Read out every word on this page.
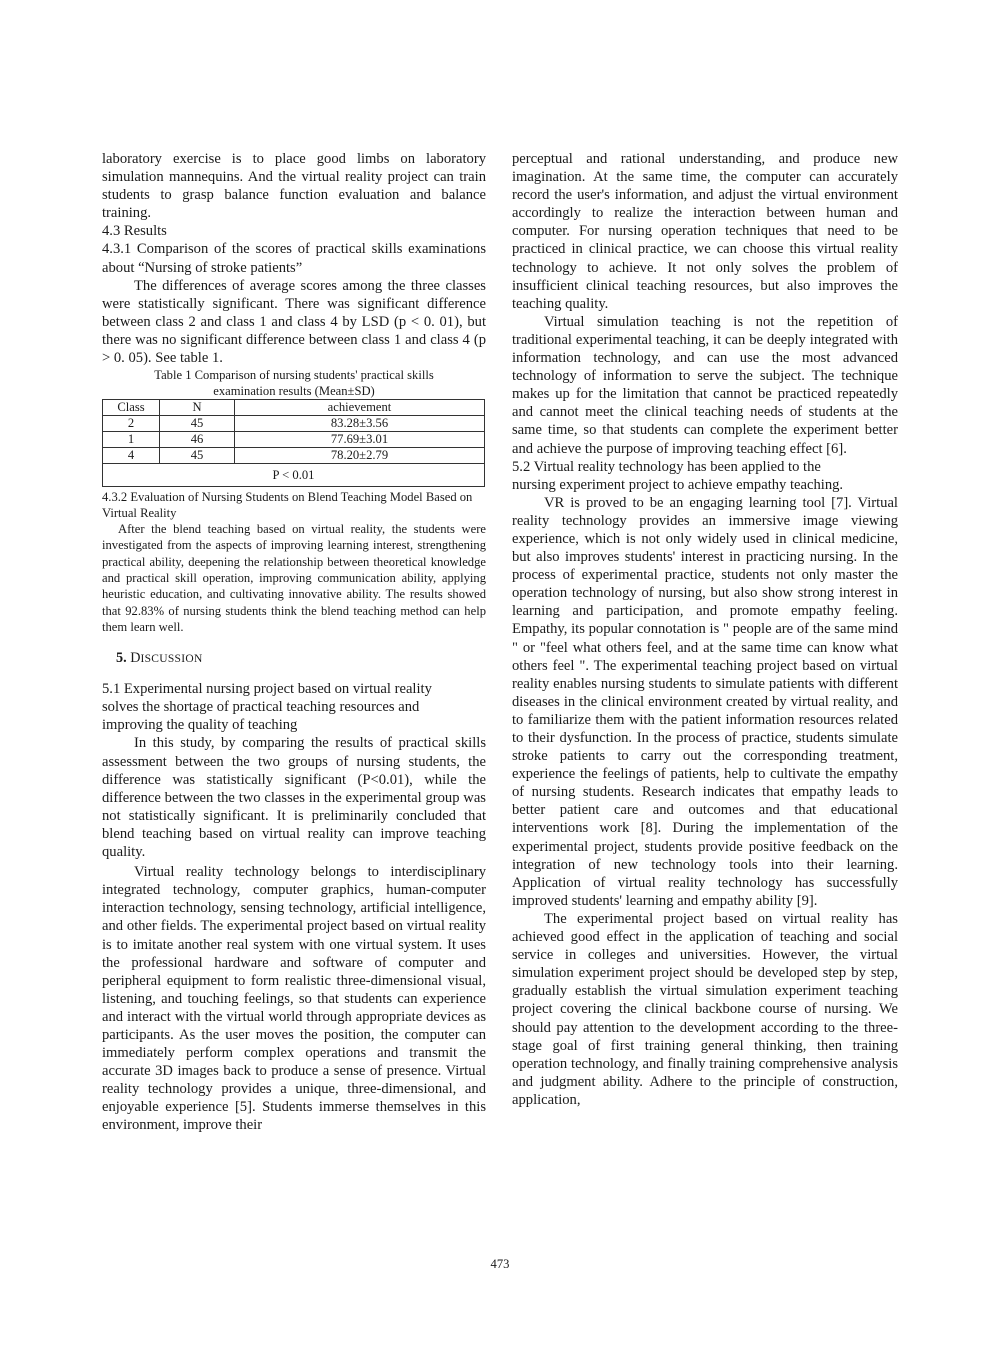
laboratory exercise is to place good limbs on laboratory simulation mannequins. And the virtual reality project can train students to grasp balance function evaluation and balance training.

4.3 Results

4.3.1 Comparison of the scores of practical skills examinations about “Nursing of stroke patients”

The differences of average scores among the three classes were statistically significant. There was significant difference between class 2 and class 1 and class 4 by LSD (p < 0. 01), but there was no significant difference between class 1 and class 4 (p > 0. 05). See table 1.

Table 1 Comparison of nursing students' practical skills
examination results (Mean±SD)
Class	N	achievement
2	45	83.28±3.56
1	46	77.69±3.01
4	45	78.20±2.79
P < 0.01		

4.3.2 Evaluation of Nursing Students on Blend Teaching Model Based on Virtual Reality

After the blend teaching based on virtual reality, the students were investigated from the aspects of improving learning interest, strengthening practical ability, deepening the relationship between theoretical knowledge and practical skill operation, improving communication ability, applying heuristic education, and cultivating innovative ability. The results showed that 92.83% of nursing students think the blend teaching method can help them learn well.

5. DISCUSSION

5.1 Experimental nursing project based on virtual reality solves the shortage of practical teaching resources and improving the quality of teaching

In this study, by comparing the results of practical skills assessment between the two groups of nursing students, the difference was statistically significant (P<0.01), while the difference between the two classes in the experimental group was not statistically significant. It is preliminarily concluded that blend teaching based on virtual reality can improve teaching quality.

Virtual reality technology belongs to interdisciplinary integrated technology, computer graphics, human-computer interaction technology, sensing technology, artificial intelligence, and other fields. The experimental project based on virtual reality is to imitate another real system with one virtual system. It uses the professional hardware and software of computer and peripheral equipment to form realistic three-dimensional visual, listening, and touching feelings, so that students can experience and interact with the virtual world through appropriate devices as participants. As the user moves the position, the computer can immediately perform complex operations and transmit the accurate 3D images back to produce a sense of presence. Virtual reality technology provides a unique, three-dimensional, and enjoyable experience [5]. Students immerse themselves in this environment, improve their

perceptual and rational understanding, and produce new imagination. At the same time, the computer can accurately record the user's information, and adjust the virtual environment accordingly to realize the interaction between human and computer. For nursing operation techniques that need to be practiced in clinical practice, we can choose this virtual reality technology to achieve. It not only solves the problem of insufficient clinical teaching resources, but also improves the teaching quality.

Virtual simulation teaching is not the repetition of traditional experimental teaching, it can be deeply integrated with information technology, and can use the most advanced technology of information to serve the subject. The technique makes up for the limitation that cannot be practiced repeatedly and cannot meet the clinical teaching needs of students at the same time, so that students can complete the experiment better and achieve the purpose of improving teaching effect [6].

5.2 Virtual reality technology has been applied to the
nursing experiment project to achieve empathy teaching.

VR is proved to be an engaging learning tool [7]. Virtual reality technology provides an immersive image viewing experience, which is not only widely used in clinical medicine, but also improves students' interest in practicing nursing. In the process of experimental practice, students not only master the operation technology of nursing, but also show strong interest in learning and participation, and promote empathy feeling. Empathy, its popular connotation is " people are of the same mind " or "feel what others feel, and at the same time can know what others feel ". The experimental teaching project based on virtual reality enables nursing students to simulate patients with different diseases in the clinical environment created by virtual reality, and to familiarize them with the patient information resources related to their dysfunction. In the process of practice, students simulate stroke patients to carry out the corresponding treatment, experience the feelings of patients, help to cultivate the empathy of nursing students. Research indicates that empathy leads to better patient care and outcomes and that educational interventions work [8]. During the implementation of the experimental project, students provide positive feedback on the integration of new technology tools into their learning. Application of virtual reality technology has successfully improved students' learning and empathy ability [9].

The experimental project based on virtual reality has achieved good effect in the application of teaching and social service in colleges and universities. However, the virtual simulation experiment project should be developed step by step, gradually establish the virtual simulation experiment teaching project covering the clinical backbone course of nursing. We should pay attention to the development according to the three-stage goal of first training general thinking, then training operation technology, and finally training comprehensive analysis and judgment ability. Adhere to the principle of construction, application,

473
